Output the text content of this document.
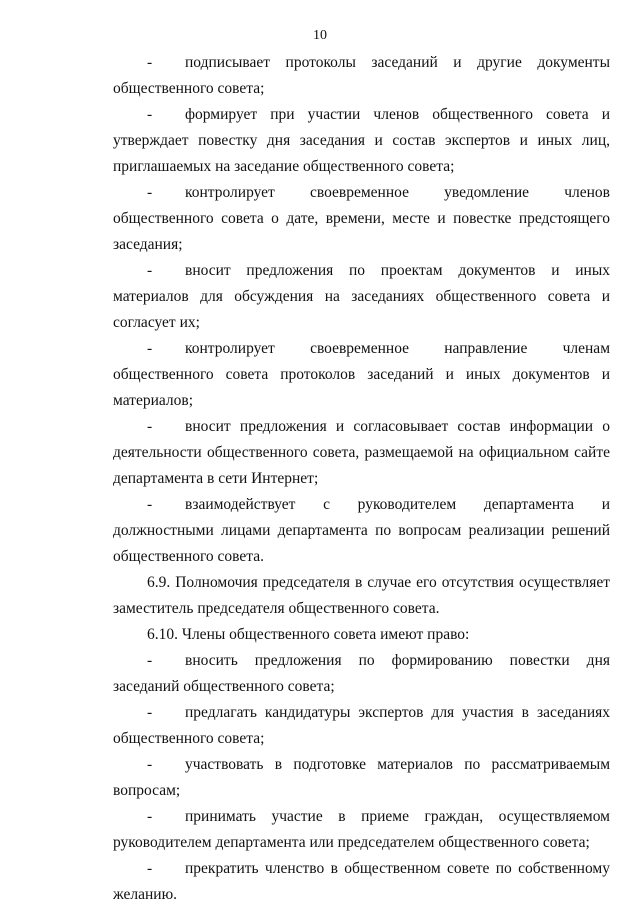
10

- подписывает протоколы заседаний и другие документы общественного совета;

- формирует при участии членов общественного совета и утверждает повестку дня заседания и состав экспертов и иных лиц, приглашаемых на заседание общественного совета;

- контролирует своевременное уведомление членов общественного совета о дате, времени, месте и повестке предстоящего заседания;

- вносит предложения по проектам документов и иных материалов для обсуждения на заседаниях общественного совета и согласует их;

- контролирует своевременное направление членам общественного совета протоколов заседаний и иных документов и материалов;

- вносит предложения и согласовывает состав информации о деятельности общественного совета, размещаемой на официальном сайте департамента в сети Интернет;

- взаимодействует с руководителем департамента и должностными лицами департамента по вопросам реализации решений общественного совета.

6.9. Полномочия председателя в случае его отсутствия осуществляет заместитель председателя общественного совета.

6.10. Члены общественного совета имеют право:

- вносить предложения по формированию повестки дня заседаний общественного совета;

- предлагать кандидатуры экспертов для участия в заседаниях общественного совета;

- участвовать в подготовке материалов по рассматриваемым вопросам;

- принимать участие в приеме граждан, осуществляемом руководителем департамента или председателем общественного совета;

- прекратить членство в общественном совете по собственному желанию.
